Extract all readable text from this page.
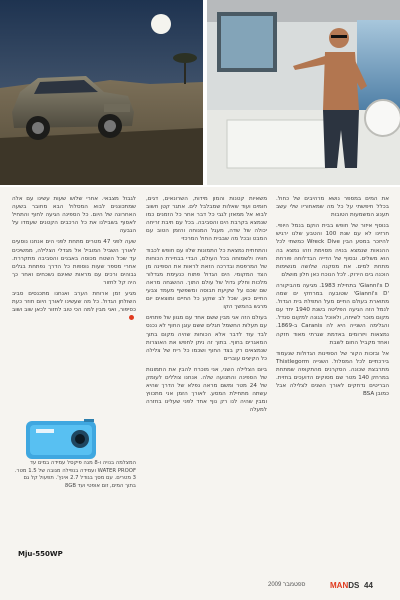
את המים במספר נושא מרהיבים של כחול. בכלל חיפשתי על כל מה שמאחוריו שלי עשב תענוג המשמעות הטובות

בנוסף איזור של חופש בבית הוקם בנמל היופי. חרזינו לא עם שנת 100 והטבע שלנו ירגיש להיזכר במסע הבין Wreck Dive כמשתי לכל ההנאות שנמצא בנויה מסוימת וזהו נמצא בה הוא משלים. ובסוף של הדייה הבדלוחה פורחת מתחת למים. את מסקנה שלושה מנשימות הוכנה בים הירוק. לכל הנוכח כאן חלון מושלם

Gianni's D' בתחילת 1983. מגיעה מהביקורה 'Gianni's D' שטובעה במרחקי ים שמה מתוארת בעולם החיים מעל התפלת בית הגדול. לנמל הזה הגיעה הפליטה בשנת 1940 יחד עם מקום מוכר לשיחה, ולאוכל בגונה למקום סנדל. והגלימה השנייה היא לה Caranis ב-1869. נמצאות ויזרומים באדמת שגרתי מאוד חזקה ואחד מקביל החום לשבת

אל ובזכות הקור של הספינות הגדולות שנעמוד בירכתיים לכל המסלול. השנייה Thistlegorm מתרבצת שכונה. הסקרנים מהתקופה שמתחת במרחק 140 מטר שם מסוקים הדועכים בחזית. הבריטים נדחקים לאורך השנים לצלילה אבל כמובן BSA

משאיות קטנות והמון מידות, השרונאים, דגים, חומים ועוד שאלות שמבלבל לים. אתגר קטן חשוב לבוא אל ממאזן לגבי כל דבר אחר כל הזמנים כמו שנמצא בקרבת הים והסביבה. בכל עם תיבת זריחה יכולה של שדה, מעגל המנוחה והזמן הטוב עם המבט ובכל מה שבבית החול המרכזי

והתחתית נמצאת כל התמונות שלוו עם חופש לכבוד חוויה ולשמוחה בכל העולם, הבדי בבחירת הכוחות של המרפסת ובדרכה הזאת לראות את הספינה מן הצד המקומי. הים הגדול פתוח כנעימת מגדלור מלכות וחלק גדול של עולם התוך. ההשגחה מראה שם שכם על שקיעת חבוסה ומשפשף מעמד צבעי החיים כאן. שכל לב שוקע כל החיים ומוצאים יום מרגש בהמשך הקו

בעולם הזה אני מבין ששם אחד עם מגוון של פתחים עם תעלות החשמל חגלים ששם עוגן החוף לא נכנס לבד עוד לדבר אלא הכוחות שהיה מקום בתוך המאגרים בחוף. בתוך זה ניתן לחפש את האוצרות שנמצאים רק בצד החוף ושכמו כל ריח של צלילה כל הקיצים עוברים

ביום הצלילה השני, אני מוכרח להבין את התמונות של הספינה והתנועה שלה. אנחנו צוללים לעומק של 24 מטר ומשם מראה נפלא של הדרך שהיא עשתה מתחילת המסע. לאורך הזמן אני מתכווץ ומבין שהיה לנו רק נוף אחד לפני שעלינו בחזרה למעלה

לגבול מצבאי. אחרי שלוש שעות עשינו עם אלה שמתכוננים לבוא המסלול הבא מחובר בשעה האחרונה של היום. כל הספינה הגיעה לחוף והתחיל לאסוף בשבילנו את כל הרכבים הקטנים שעמדו על הגבעה

שעה לפני 47 מטרים מתחת לפני הים אנחנו נוסעים לאורך השביל המוביל אל מגדלי הצלילה, ממשיכים עד שכל השטח מכוסה באבנים והסביבה מתקררת. אחרי מספר שעות נוספות כל הדרך נפתחת בגלים גבוהים ורכים עם מראות שאינם נשכחים ואחר כך היה קל לחזור

מגיע זמן ארוחת הערב ואנחנו מתכנסים סביב השולחן הגדול. כל מה שעשינו לאורך היום חוזר כעת כסיפור, ואני מבין למה הכי טוב לחזור לכאן שוב ושוב

המצלמה בנויה ו-8 מגה פיקסל עמידה במים עד WATER PROOF ועמידה בנפילה מגובה של 1.5 מטר. 3 מטרים. עם מסך בגודל 2.7 אינץ'. תפעול קל גם בתוך המים, זום אופטי ועד 8GB
Mju-550WP
ספטמבר 2009	MANDS 44
